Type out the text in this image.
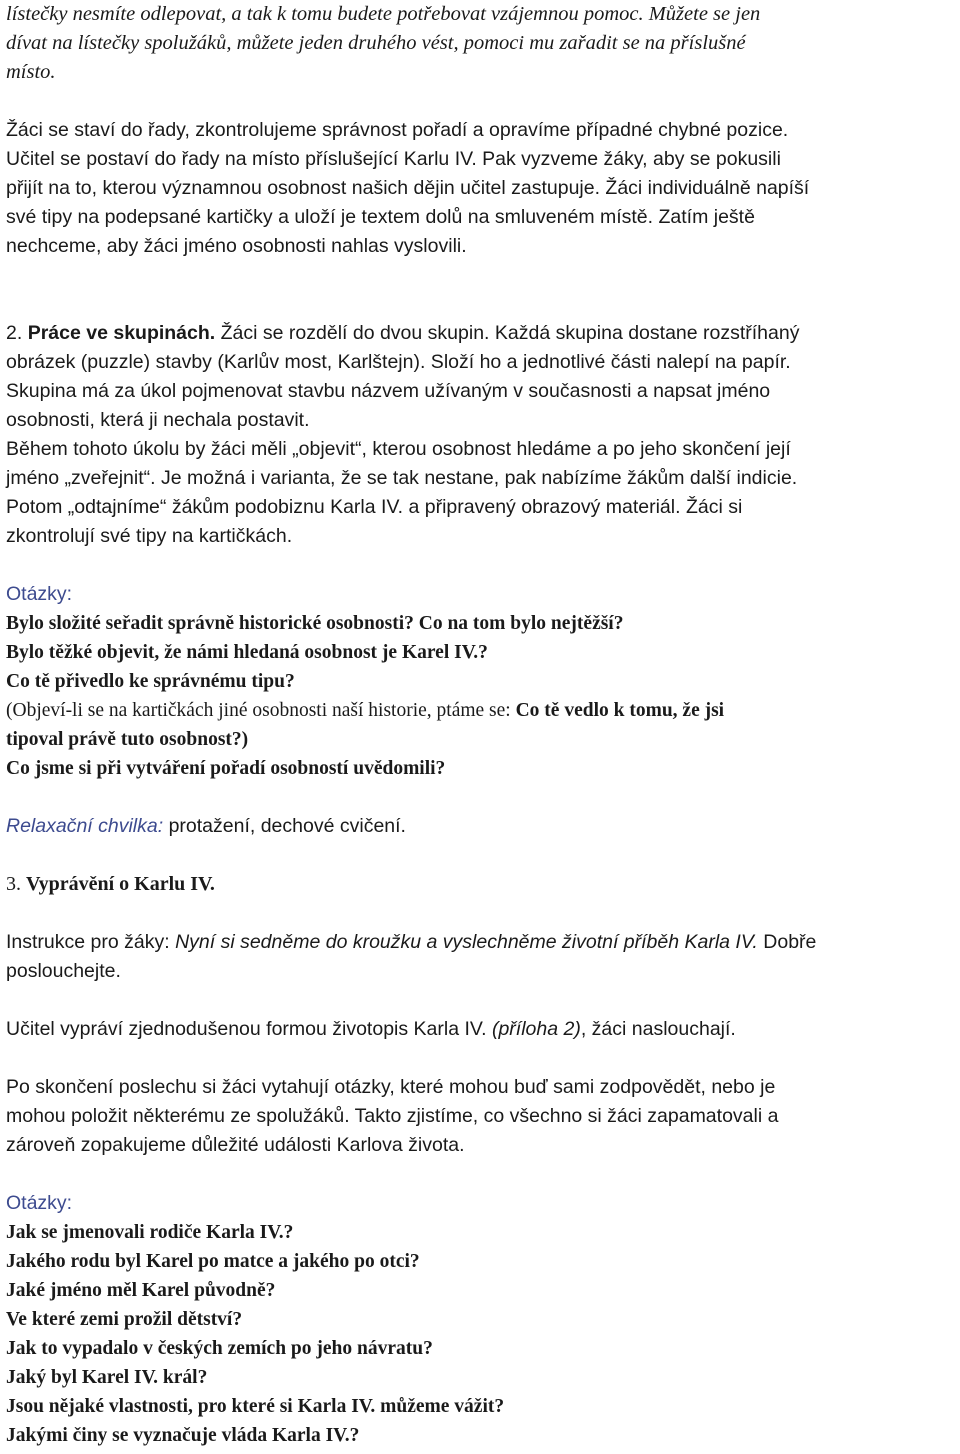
lístečky nesmíte odlepovat, a tak k tomu budete potřebovat vzájemnou pomoc. Můžete se jen
dívat na lístečky spolužáků, můžete jeden druhého vést, pomoci mu zařadit se na příslušné
místo.
Žáci se staví do řady, zkontrolujeme správnost pořadí a opravíme případné chybné pozice.
Učitel se postaví do řady na místo příslušející Karlu IV. Pak vyzveme žáky, aby se pokusili
přijít na to, kterou významnou osobnost našich dějin učitel zastupuje. Žáci individuálně napíší
své tipy na podepsané kartičky a uloží je textem dolů na smluveném místě. Zatím ještě
nechceme, aby žáci jméno osobnosti nahlas vyslovili.
2. Práce ve skupinách. Žáci se rozdělí do dvou skupin. Každá skupina dostane rozstříhaný
obrázek (puzzle) stavby (Karlův most, Karlštejn). Složí ho a jednotlivé části nalepí na papír.
Skupina má za úkol pojmenovat stavbu názvem užívaným v současnosti a napsat jméno
osobnosti, která ji nechala postavit.
Během tohoto úkolu by žáci měli „objevit“, kterou osobnost hledáme a po jeho skončení její
jméno „zveřejnit“. Je možná i varianta, že se tak nestane, pak nabízíme žákům další indicie.
Potom „odtajníme“ žákům podobiznu Karla IV. a připravený obrazový materiál. Žáci si
zkontrolují své tipy na kartičkách.
Otázky:
Bylo složité seřadit správně historické osobnosti? Co na tom bylo nejtěžší?
Bylo těžké objevit, že námi hledaná osobnost je Karel IV.?
Co tě přivedlo ke správnému tipu?
(Objeví-li se na kartičkách jiné osobnosti naší historie, ptáme se: Co tě vedlo k tomu, že jsi
tipoval právě tuto osobnost?)
Co jsme si při vytváření pořadí osobností uvědomili?
Relaxační chvilka: protažení, dechové cvičení.
3. Vyprávění o Karlu IV.
Instrukce pro žáky: Nyní si sedněme do kroužku a vyslechněme životní příběh Karla IV. Dobře
poslouchejte.
Učitel vypráví zjednodušenou formou životopis Karla IV. (příloha 2), žáci naslouchají.
Po skončení poslechu si žáci vytahují otázky, které mohou buď sami zodpovědět, nebo je
mohou položit některému ze spolužáků. Takto zjistíme, co všechno si žáci zapamatovali a
zároveň zopakujeme důležité události Karlova života.
Otázky:
Jak se jmenovali rodiče Karla IV.?
Jakého rodu byl Karel po matce a jakého po otci?
Jaké jméno měl Karel původně?
Ve které zemi prožil dětství?
Jak to vypadalo v českých zemích po jeho návratu?
Jaký byl Karel IV. král?
Jsou nějaké vlastnosti, pro které si Karla IV. můžeme vážit?
Jakými činy se vyznačuje vláda Karla IV.?
